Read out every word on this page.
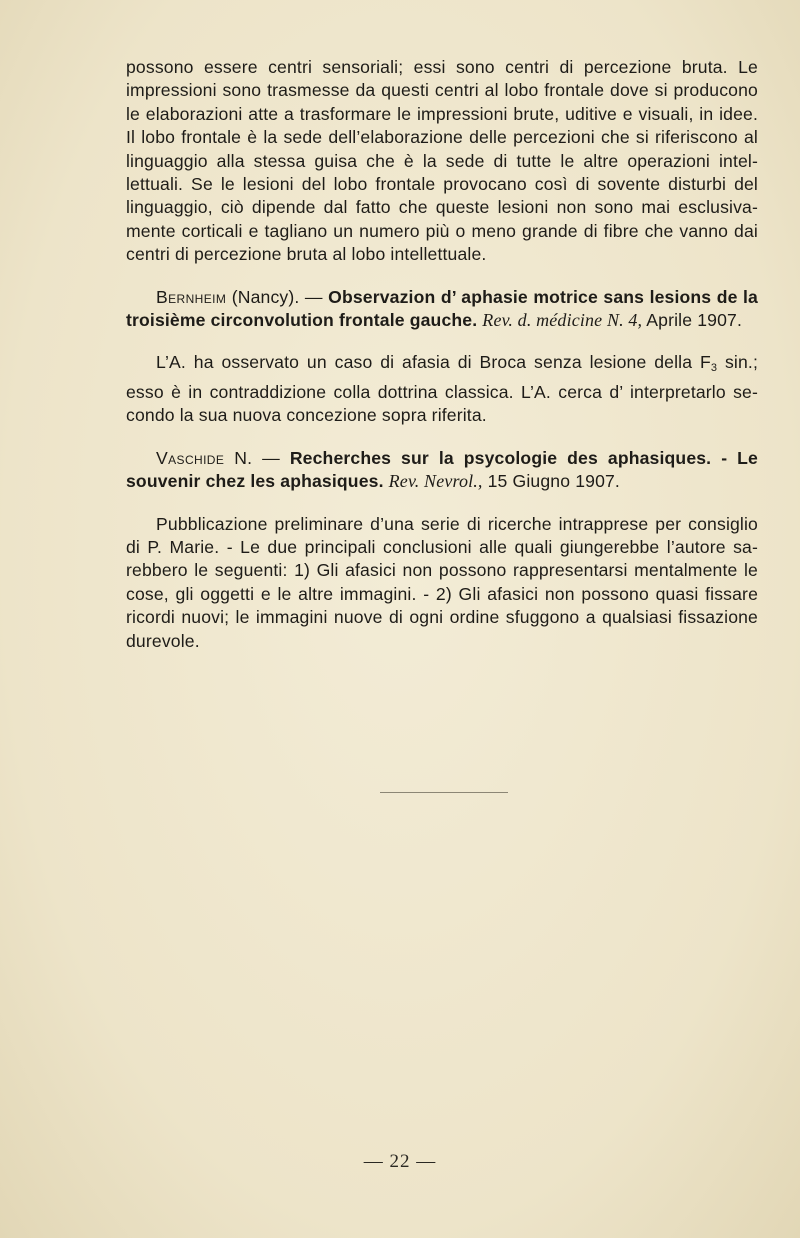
possono essere centri sensoriali; essi sono centri di percezione bruta. Le impressioni sono trasmesse da questi centri al lobo frontale dove si producono le elaborazioni atte a trasformare le impressioni brute, uditive e visuali, in idee. Il lobo frontale è la sede dell’elaborazione delle percezioni che si riferiscono al linguaggio alla stessa guisa che è la sede di tutte le altre operazioni intel-lettuali. Se le lesioni del lobo frontale provocano così di sovente disturbi del linguaggio, ciò dipende dal fatto che queste lesioni non sono mai esclusiva-mente corticali e tagliano un numero più o meno grande di fibre che vanno dai centri di percezione bruta al lobo intellettuale.

Bernheim (Nancy). — Observazion d’ aphasie motrice sans lesions de la troisième circonvolution frontale gauche. Rev. d. médicine N. 4, Aprile 1907.

L’A. ha osservato un caso di afasia di Broca senza lesione della $F_3$ sin.; esso è in contraddizione colla dottrina classica. L’A. cerca d’ interpretarlo se-condo la sua nuova concezione sopra riferita.

Vaschide N. — Recherches sur la psycologie des aphasiques. - Le souvenir chez les aphasiques. Rev. Nevrol., 15 Giugno 1907.

Pubblicazione preliminare d’una serie di ricerche intrapprese per consiglio di P. Marie. - Le due principali conclusioni alle quali giungerebbe l’autore sa-rebbero le seguenti: 1) Gli afasici non possono rappresentarsi mentalmente le cose, gli oggetti e le altre immagini. - 2) Gli afasici non possono quasi fissare ricordi nuovi; le immagini nuove di ogni ordine sfuggono a qualsiasi fissazione durevole.

— 22 —
